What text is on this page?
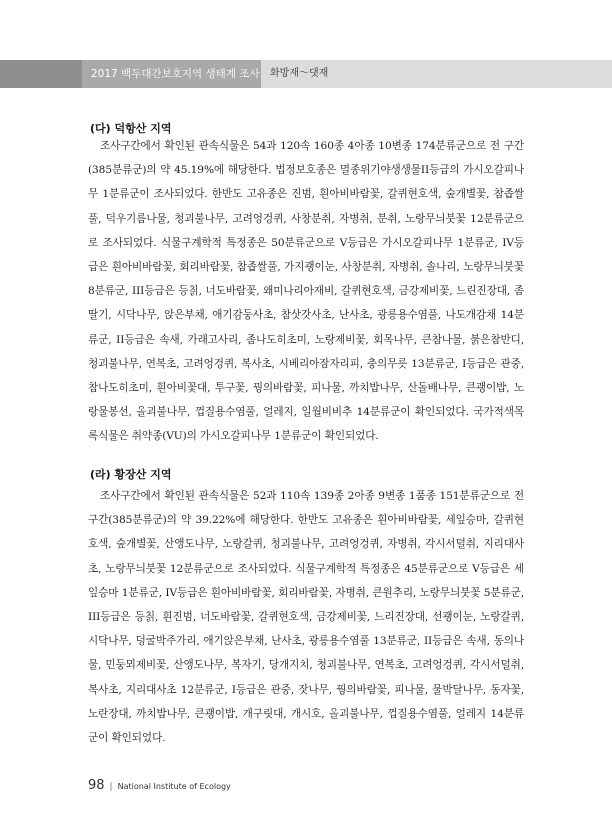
2017 백두대간보호지역 생태계 조사 화방재～댓재
(다) 덕항산 지역

조사구간에서 확인된 관속식물은 54과 120속 160종 4아종 10변종 174분류군으로 전 구간(385분류군)의 약 45.19%에 해당한다. 법정보호종은 멸종위기야생생물II등급의 가시오갈피나무 1분류군이 조사되었다. 한반도 고유종은 진범, 흰아비바람꽃, 갈퀴현호색, 숲개별꽃, 참좁쌀풀, 덕우기름나물, 청괴불나무, 고려엉겅퀴, 사창분취, 자병취, 분취, 노랑무늬붓꽃 12분류군으로 조사되었다. 식물구계학적 특정종은 50분류군으로 V등급은 가시오갈피나무 1분류군, IV등급은 흰아비바람꽃, 회리바람꽃, 참좁쌀풀, 가지괭이눈, 사창분취, 자병취, 솔나리, 노랑무늬붓꽃 8분류군, III등급은 등칡, 너도바람꽃, 왜미나리아재비, 갈퀴현호색, 금강제비꽃, 느린진장대, 좀딸기, 시닥나무, 앉은부채, 애기감둥사초, 참삿갓사초, 난사초, 광릉용수염풀, 나도개감채 14분류군, II등급은 속새, 가래고사리, 좀나도히초미, 노랑제비꽃, 회목나무, 큰참나물, 붉은참반디, 청괴불나무, 연복초, 고려엉겅퀴, 복사초, 시베리아잠자리피, 충의무릇 13분류군, I등급은 관중, 참나도히초미, 흰아비꽃대, 투구꽃, 꿩의바람꽃, 피나물, 까치밥나무, 산돌배나무, 큰괭이밥, 노랑물봉선, 올괴불나무, 껍질용수염풀, 얼레지, 일월비비추 14분류군이 확인되었다. 국가적색목록식물은 취약종(VU)의 가시오갈피나무 1분류군이 확인되었다.

(라) 황장산 지역

조사구간에서 확인된 관속식물은 52과 110속 139종 2아종 9변종 1품종 151분류군으로 전 구간(385분류군)의 약 39.22%에 해당한다. 한반도 고유종은 흰아비바람꽃, 세잎승마, 갈퀴현호색, 숲개별꽃, 산앵도나무, 노랑갈퀴, 청괴불나무, 고려엉겅퀴, 자병취, 각시서덜취, 지리대사초, 노랑무늬붓꽃 12분류군으로 조사되었다. 식물구계학적 특정종은 45분류군으로 V등급은 세잎승마 1분류군, IV등급은 흰아비바람꽃, 회리바람꽃, 자병취, 큰원추리, 노랑무늬붓꽃 5분류군, III등급은 등칡, 흰진범, 너도바람꽃, 갈퀴현호색, 금강제비꽃, 느리진장대, 선괭이눈, 노랑갈퀴, 시닥나무, 덩굴박주가리, 애기앉은부채, 난사초, 광릉용수염풀 13분류군, II등급은 속새, 동의나물, 민둥뫼제비꽃, 산앵도나무, 복자기, 당개지치, 청괴불나무, 연복초, 고려엉겅퀴, 각시서덜취, 복사초, 지리대사초 12분류군, I등급은 관중, 잣나무, 꿩의바람꽃, 피나물, 물박달나무, 동자꽃, 노란장대, 까치밥나무, 큰괭이밥, 개구릿대, 개시호, 올괴불나무, 껍질용수염풀, 얼레지 14분류군이 확인되었다.

98 | National Institute of Ecology
